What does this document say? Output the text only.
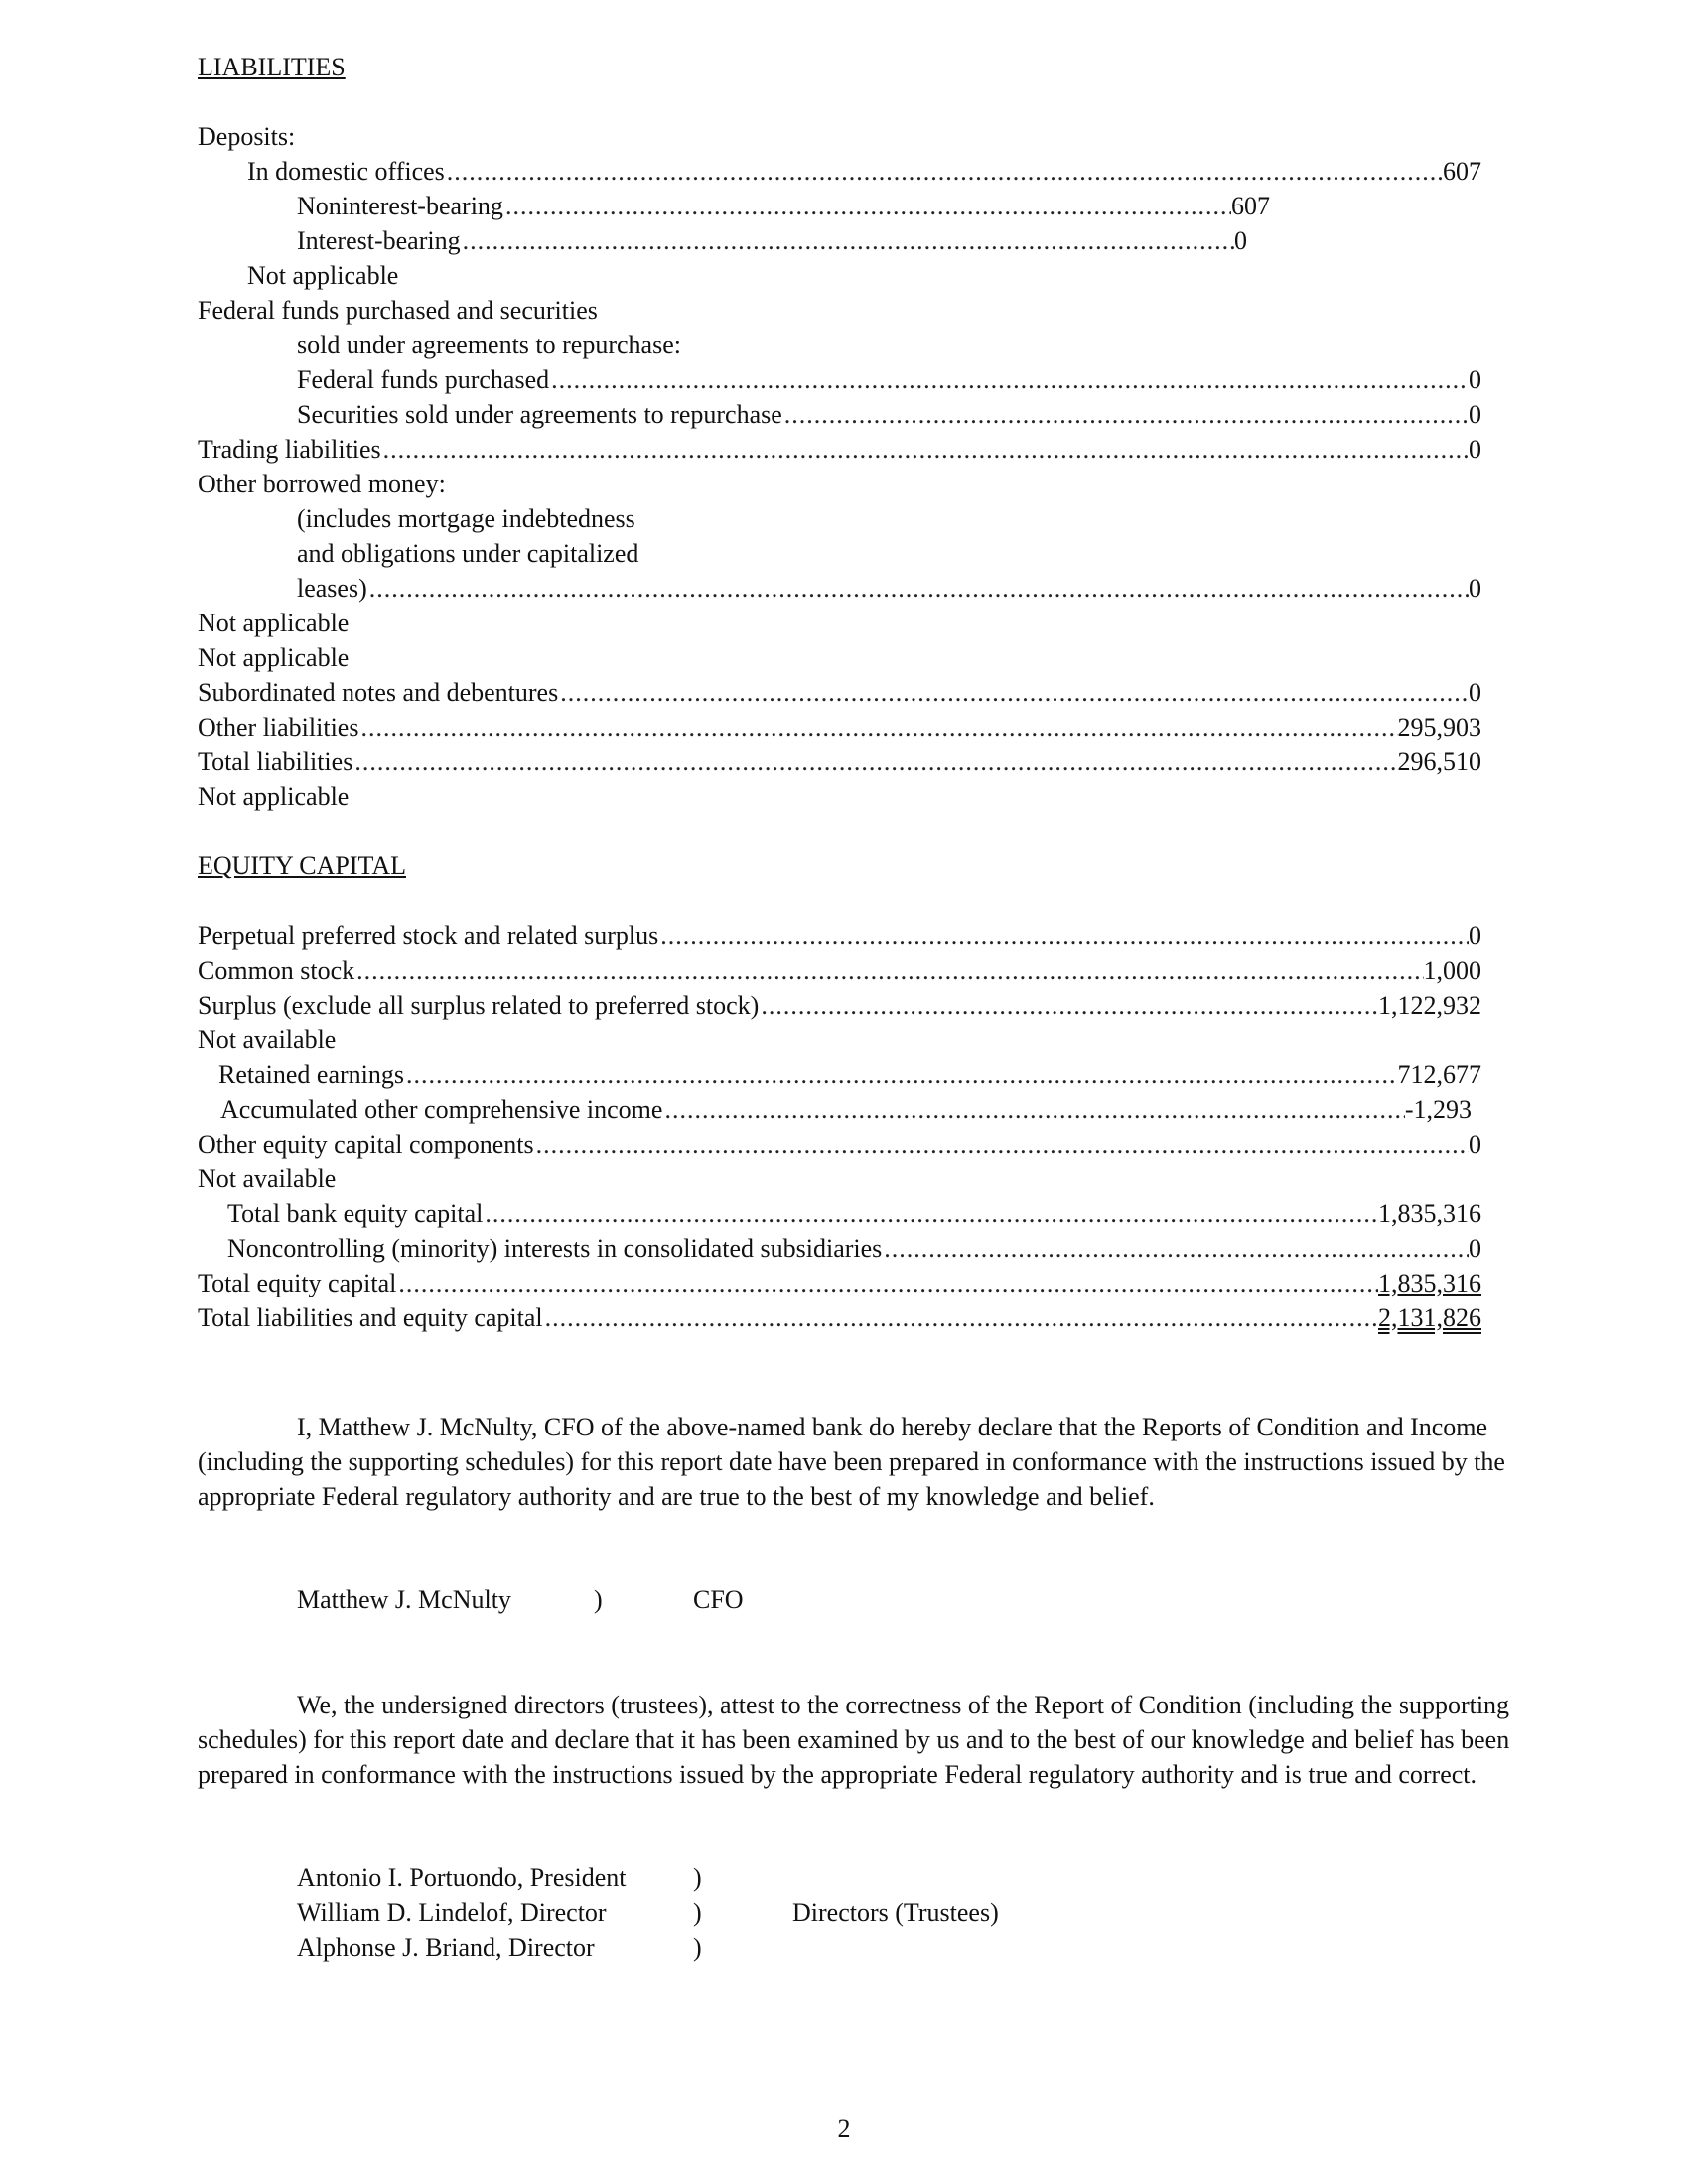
LIABILITIES
Deposits:
In domestic offices .....	607
Noninterest-bearing .....	607
Interest-bearing .....	0
Not applicable
Federal funds purchased and securities
sold under agreements to repurchase:
Federal funds purchased .....	0
Securities sold under agreements to repurchase .....	0
Trading liabilities .....	0
Other borrowed money:
(includes mortgage indebtedness
and obligations under capitalized
leases) .....	0
Not applicable
Not applicable
Subordinated notes and debentures .....	0
Other liabilities .....	295,903
Total liabilities .....	296,510
Not applicable
EQUITY CAPITAL
Perpetual preferred stock and related surplus .....	0
Common stock .....	1,000
Surplus (exclude all surplus related to preferred stock) .....	1,122,932
Not available
Retained earnings .....	712,677
Accumulated other comprehensive income .....	-1,293
Other equity capital components .....	0
Not available
Total bank equity capital .....	1,835,316
Noncontrolling (minority) interests in consolidated subsidiaries .....	0
Total equity capital .....	1,835,316
Total liabilities and equity capital .....	2,131,826
I, Matthew J. McNulty, CFO of the above-named bank do hereby declare that the Reports of Condition and Income (including the supporting schedules) for this report date have been prepared in conformance with the instructions issued by the appropriate Federal regulatory authority and are true to the best of my knowledge and belief.
Matthew J. McNulty	)	CFO
We, the undersigned directors (trustees), attest to the correctness of the Report of Condition (including the supporting schedules) for this report date and declare that it has been examined by us and to the best of our knowledge and belief has been prepared in conformance with the instructions issued by the appropriate Federal regulatory authority and is true and correct.
Antonio I. Portuondo, President	)
William D. Lindelof, Director	)	Directors (Trustees)
Alphonse J. Briand, Director	)
2
